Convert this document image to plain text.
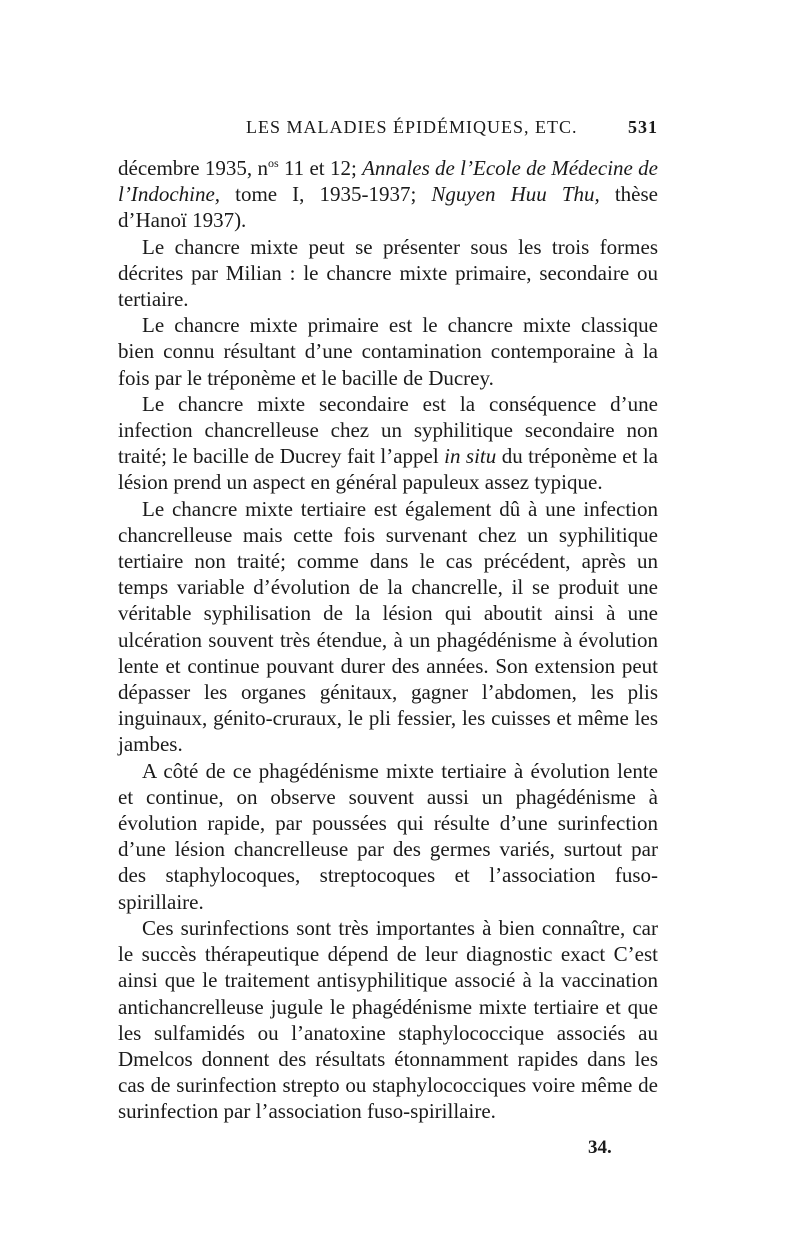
LES MALADIES ÉPIDÉMIQUES, ETC.	531

décembre 1935, $n^{os}$ 11 et 12; Annales de l’Ecole de Médecine de l’Indochine, tome I, 1935-1937; Nguyen Huu Thu, thèse d’Hanoï 1937).

Le chancre mixte peut se présenter sous les trois formes décrites par Milian : le chancre mixte primaire, secondaire ou tertiaire.

Le chancre mixte primaire est le chancre mixte classique bien connu résultant d’une contamination contemporaine à la fois par le tréponème et le bacille de Ducrey.

Le chancre mixte secondaire est la conséquence d’une infection chancrelleuse chez un syphilitique secondaire non traité; le bacille de Ducrey fait l’appel in situ du tréponème et la lésion prend un aspect en général papuleux assez typique.

Le chancre mixte tertiaire est également dû à une infection chancrelleuse mais cette fois survenant chez un syphilitique tertiaire non traité; comme dans le cas précédent, après un temps variable d’évolution de la chancrelle, il se produit une véritable syphilisation de la lésion qui aboutit ainsi à une ulcération souvent très étendue, à un phagédénisme à évolution lente et continue pouvant durer des années. Son extension peut dépasser les organes génitaux, gagner l’abdomen, les plis inguinaux, génito-cruraux, le pli fessier, les cuisses et même les jambes.

A côté de ce phagédénisme mixte tertiaire à évolution lente et continue, on observe souvent aussi un phagédénisme à évolution rapide, par poussées qui résulte d’une surinfection d’une lésion chancrelleuse par des germes variés, surtout par des staphylocoques, streptocoques et l’association fuso-spirillaire.

Ces surinfections sont très importantes à bien connaître, car le succès thérapeutique dépend de leur diagnostic exact C’est ainsi que le traitement antisyphilitique associé à la vaccination antichancrelleuse jugule le phagédénisme mixte tertiaire et que les sulfamidés ou l’anatoxine staphylococcique associés au Dmelcos donnent des résultats étonnamment rapides dans les cas de surinfection strepto ou staphylococciques voire même de surinfection par l’association fuso-spirillaire.

34.
